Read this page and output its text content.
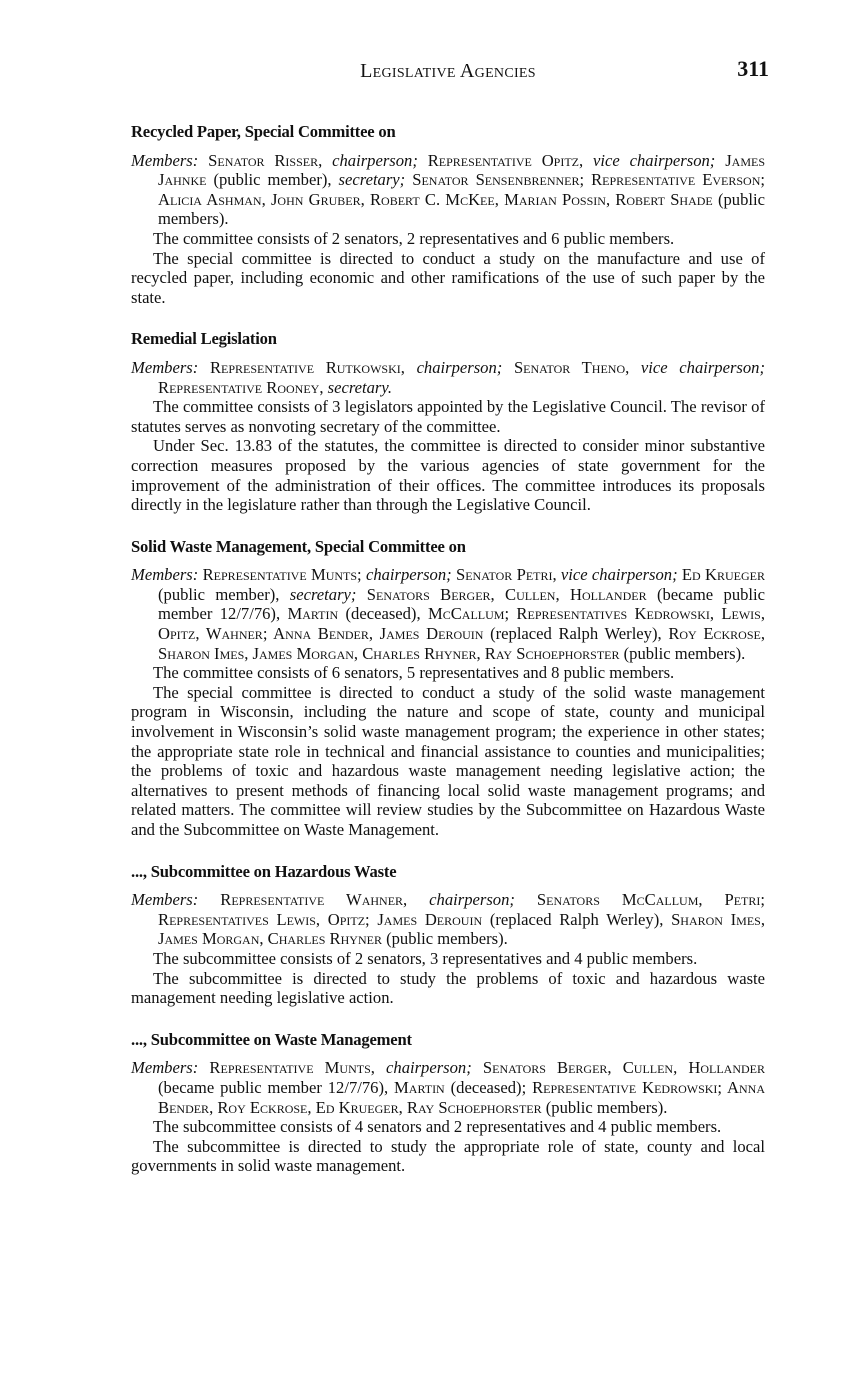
Legislative Agencies	311
Recycled Paper, Special Committee on

Members: Senator Risser, chairperson; Representative Opitz, vice chairperson; James Jahnke (public member), secretary; Senator Sensenbrenner; Representative Everson; Alicia Ashman, John Gruber, Robert C. McKee, Marian Possin, Robert Shade (public members).

The committee consists of 2 senators, 2 representatives and 6 public members.

The special committee is directed to conduct a study on the manufacture and use of recycled paper, including economic and other ramifications of the use of such paper by the state.

Remedial Legislation

Members: Representative Rutkowski, chairperson; Senator Theno, vice chairperson; Representative Rooney, secretary.

The committee consists of 3 legislators appointed by the Legislative Council. The revisor of statutes serves as nonvoting secretary of the committee.

Under Sec. 13.83 of the statutes, the committee is directed to consider minor substantive correction measures proposed by the various agencies of state government for the improvement of the administration of their offices. The committee introduces its proposals directly in the legislature rather than through the Legislative Council.

Solid Waste Management, Special Committee on

Members: Representative Munts; chairperson; Senator Petri, vice chairperson; Ed Krueger (public member), secretary; Senators Berger, Cullen, Hollander (became public member 12/7/76), Martin (deceased), McCallum; Representatives Kedrowski, Lewis, Opitz, Wahner; Anna Bender, James Derouin (replaced Ralph Werley), Roy Eckrose, Sharon Imes, James Morgan, Charles Rhyner, Ray Schoephorster (public members).

The committee consists of 6 senators, 5 representatives and 8 public members.

The special committee is directed to conduct a study of the solid waste management program in Wisconsin, including the nature and scope of state, county and municipal involvement in Wisconsin’s solid waste management program; the experience in other states; the appropriate state role in technical and financial assistance to counties and municipalities; the problems of toxic and hazardous waste management needing legislative action; the alternatives to present methods of financing local solid waste management programs; and related matters. The committee will review studies by the Subcommittee on Hazardous Waste and the Subcommittee on Waste Management.

..., Subcommittee on Hazardous Waste

Members: Representative Wahner, chairperson; Senators McCallum, Petri; Representatives Lewis, Opitz; James Derouin (replaced Ralph Werley), Sharon Imes, James Morgan, Charles Rhyner (public members).

The subcommittee consists of 2 senators, 3 representatives and 4 public members.

The subcommittee is directed to study the problems of toxic and hazardous waste management needing legislative action.

..., Subcommittee on Waste Management

Members: Representative Munts, chairperson; Senators Berger, Cullen, Hollander (became public member 12/7/76), Martin (deceased); Representative Kedrowski; Anna Bender, Roy Eckrose, Ed Krueger, Ray Schoephorster (public members).

The subcommittee consists of 4 senators and 2 representatives and 4 public members.

The subcommittee is directed to study the appropriate role of state, county and local governments in solid waste management.
